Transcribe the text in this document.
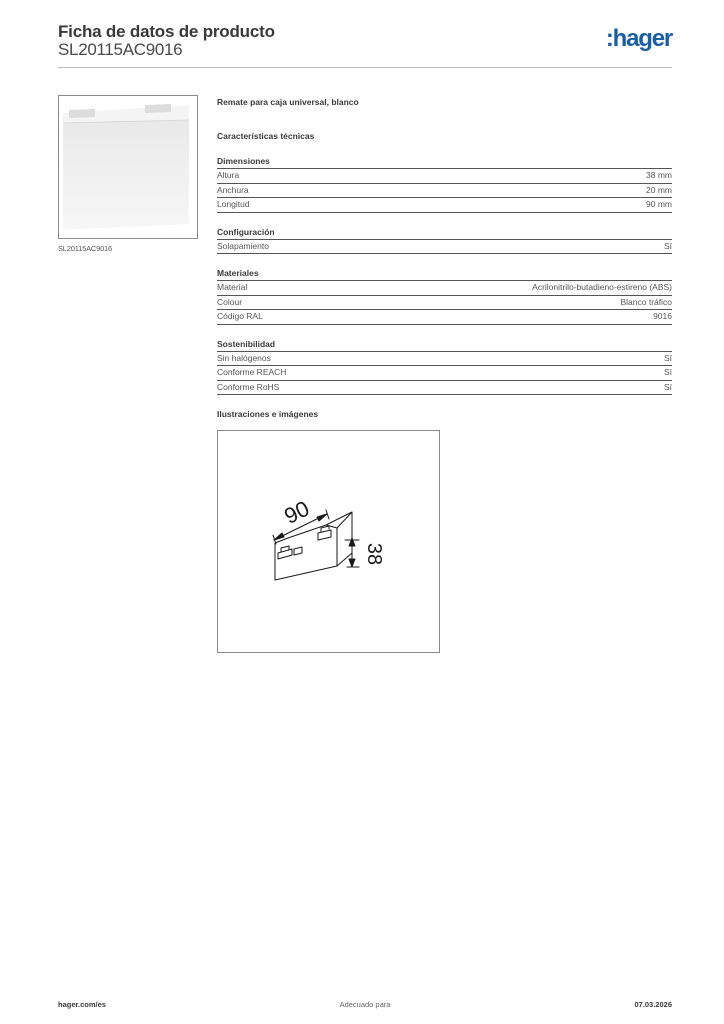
Ficha de datos de producto
SL20115AC9016	:hager
SL20115AC9016
Remate para caja universal, blanco
Características técnicas
Dimensiones
Altura	38 mm
Anchura	20 mm
Longitud	90 mm
Configuración
Solapamiento	Sí
Materiales
Material	Acrilonitrilo-butadieno-estireno (ABS)
Colour	Blanco tráfico
Código RAL	9016
Sostenibilidad
Sin halógenos	Sí
Conforme REACH	Sí
Conforme RoHS	Sí
Ilustraciones e imágenes
90
38
hager.com/es	Adecuado para	07.03.2026
